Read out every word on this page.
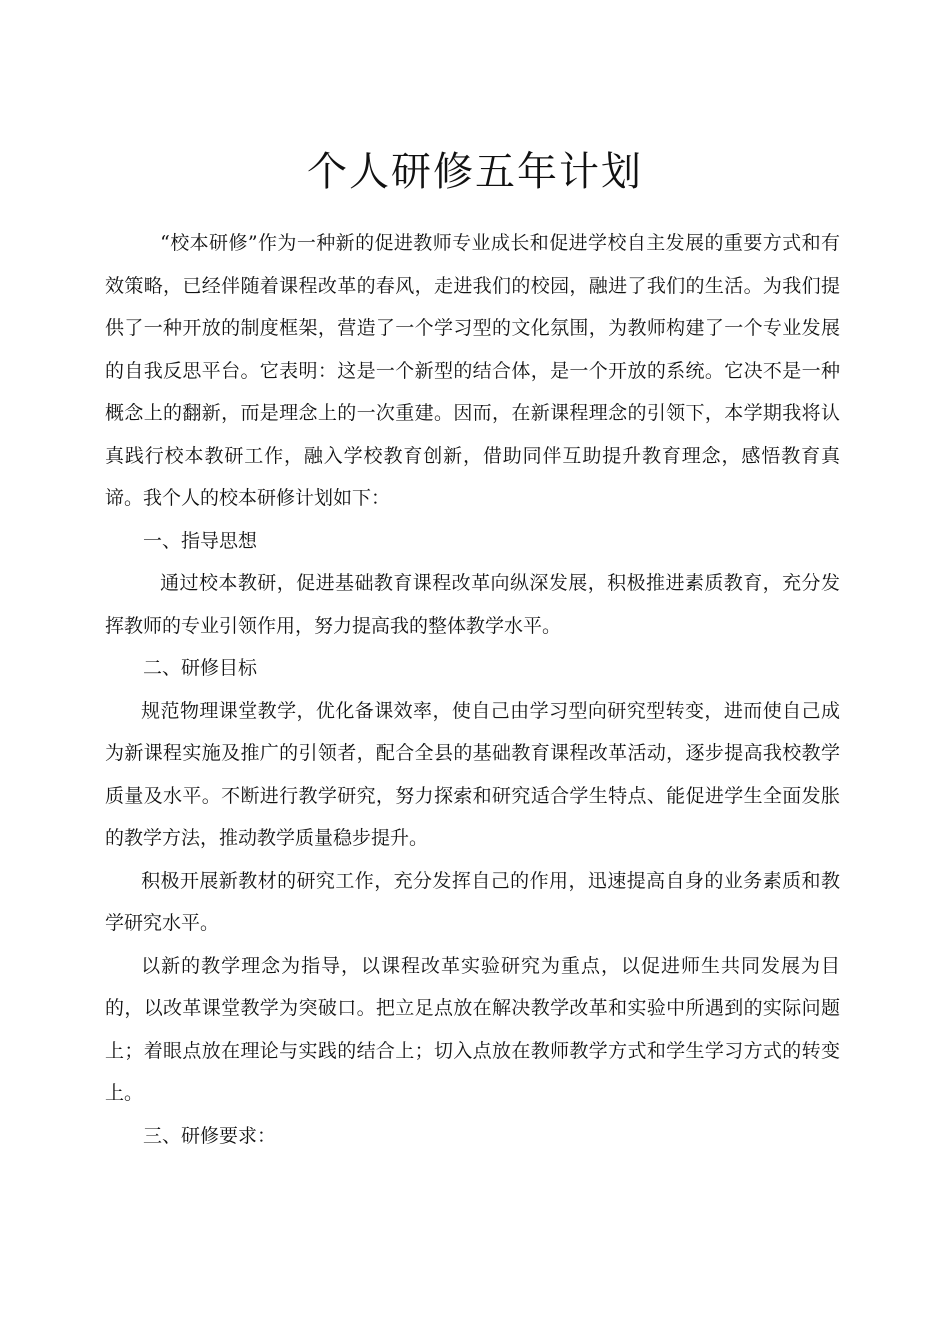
个人研修五年计划

“校本研修”作为一种新的促进教师专业成长和促进学校自主发展的重要方式和有效策略，已经伴随着课程改革的春风，走进我们的校园，融进了我们的生活。为我们提供了一种开放的制度框架，营造了一个学习型的文化氛围，为教师构建了一个专业发展的自我反思平台。它表明：这是一个新型的结合体，是一个开放的系统。它决不是一种概念上的翻新，而是理念上的一次重建。因而，在新课程理念的引领下，本学期我将认真践行校本教研工作，融入学校教育创新，借助同伴互助提升教育理念，感悟教育真谛。我个人的校本研修计划如下：

一、指导思想

通过校本教研，促进基础教育课程改革向纵深发展，积极推进素质教育，充分发挥教师的专业引领作用，努力提高我的整体教学水平。

二、研修目标

规范物理课堂教学，优化备课效率，使自己由学习型向研究型转变，进而使自己成为新课程实施及推广的引领者，配合全县的基础教育课程改革活动，逐步提高我校教学质量及水平。不断进行教学研究，努力探索和研究适合学生特点、能促进学生全面发胀的教学方法，推动教学质量稳步提升。

积极开展新教材的研究工作，充分发挥自己的作用，迅速提高自身的业务素质和教学研究水平。

以新的教学理念为指导，以课程改革实验研究为重点，以促进师生共同发展为目的，以改革课堂教学为突破口。把立足点放在解决教学改革和实验中所遇到的实际问题上；着眼点放在理论与实践的结合上；切入点放在教师教学方式和学生学习方式的转变上。

三、研修要求：
